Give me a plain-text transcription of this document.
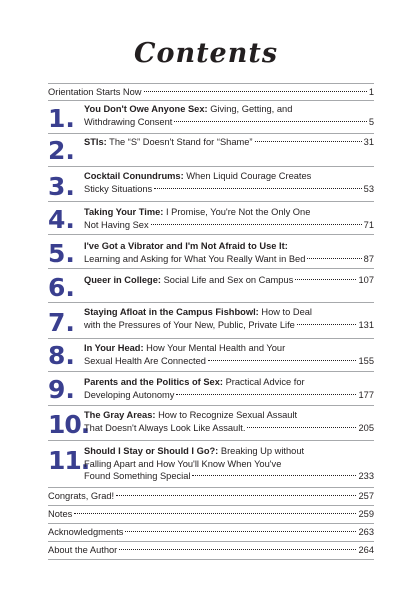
Contents
Orientation Starts Now	1
1. You Don't Owe Anyone Sex: Giving, Getting, and
Withdrawing Consent	5
2. STIs: The “S” Doesn't Stand for “Shame”	31
3. Cocktail Conundrums: When Liquid Courage Creates
Sticky Situations	53
4. Taking Your Time: I Promise, You're Not the Only One
Not Having Sex	71
5. I've Got a Vibrator and I'm Not Afraid to Use It:
Learning and Asking for What You Really Want in Bed	87
6. Queer in College: Social Life and Sex on Campus	107
7. Staying Afloat in the Campus Fishbowl: How to Deal
with the Pressures of Your New, Public, Private Life	131
8. In Your Head: How Your Mental Health and Your
Sexual Health Are Connected	155
9. Parents and the Politics of Sex: Practical Advice for
Developing Autonomy	177
10.
The Gray Areas: How to Recognize Sexual Assault
That Doesn't Always Look Like Assault.	205
11.
Should I Stay or Should I Go?: Breaking Up without
Falling Apart and How You'll Know When You've
Found Something Special	233
Congrats, Grad!	257
Notes	259
Acknowledgments	263
About the Author	264
